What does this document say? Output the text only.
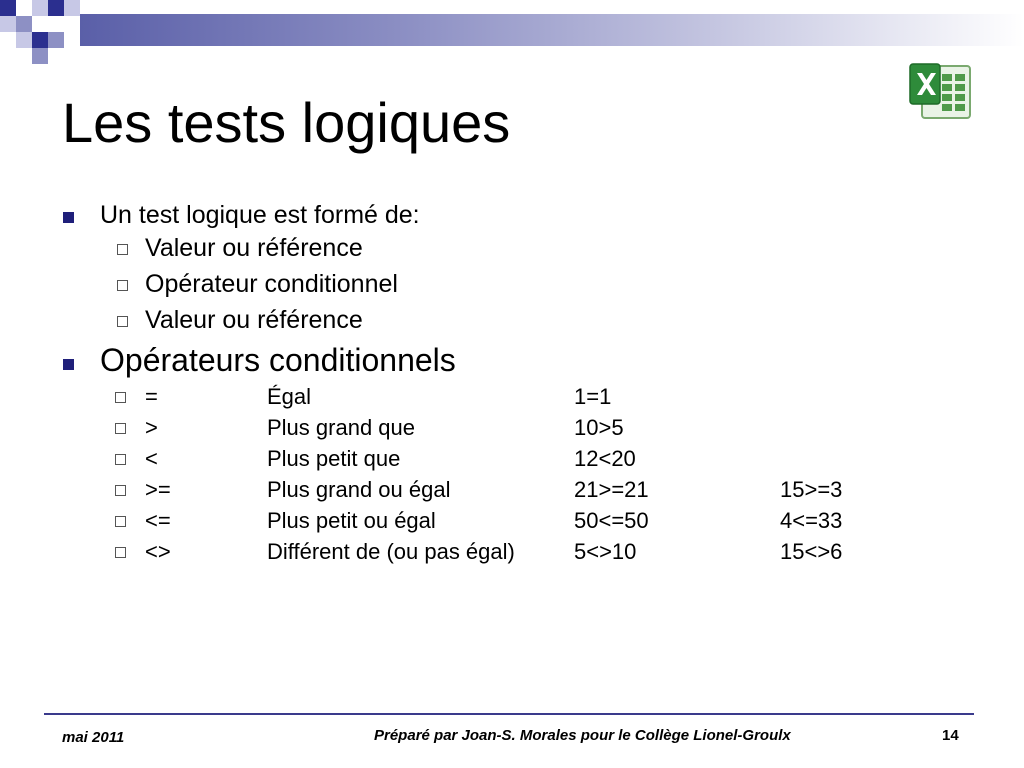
Les tests logiques
Un test logique est formé de:
Valeur ou référence
Opérateur conditionnel
Valeur ou référence
Opérateurs conditionnels
=	Égal	1=1
>	Plus grand que	10>5
<	Plus petit que	12<20
>=	Plus grand ou égal	21>=21	15>=3
<=	Plus petit ou égal	50<=50	4<=33
<>	Différent de (ou pas égal)	5<>10	15<>6
mai 2011	Préparé par Joan-S. Morales pour le Collège Lionel-Groulx	14
